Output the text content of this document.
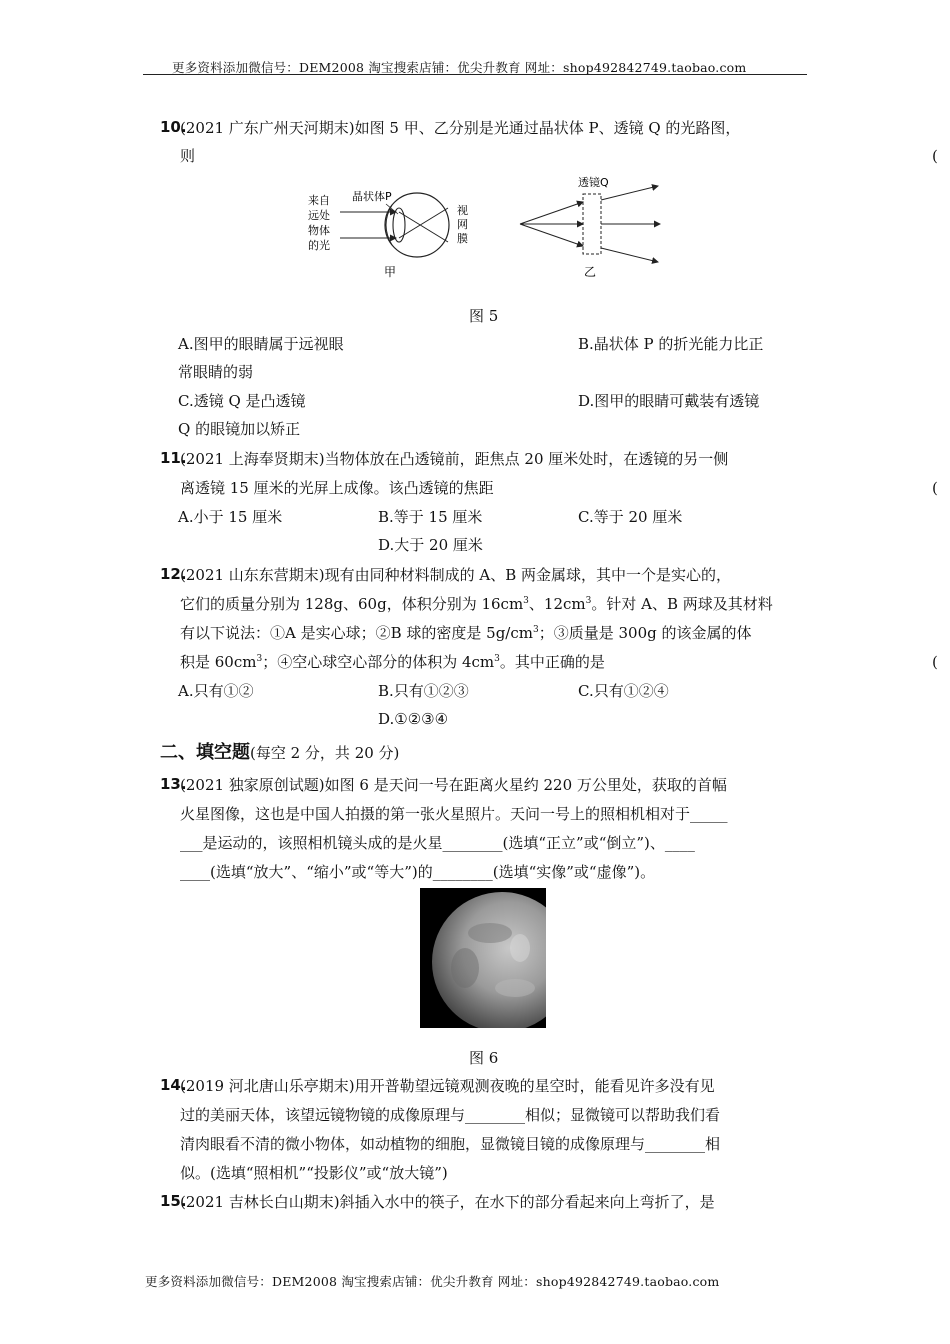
更多资料添加微信号：DEM2008 淘宝搜索店铺：优尖升教育 网址：shop492842749.taobao.com
10.
(2021 广东广州天河期末)如图 5 甲、乙分别是光通过晶状体 P、透镜 Q 的光路图，
则	(
来自
远处
物体
的光
晶状体P
视
网
膜
甲
透镜Q
乙
图 5
A.图甲的眼睛属于远视眼	B.晶状体 P 的折光能力比正
常眼睛的弱
C.透镜 Q 是凸透镜	D.图甲的眼睛可戴装有透镜
Q 的眼镜加以矫正
11.
(2021 上海奉贤期末)当物体放在凸透镜前，距焦点 20 厘米处时，在透镜的另一侧
离透镜 15 厘米的光屏上成像。该凸透镜的焦距	(
A.小于 15 厘米	B.等于 15 厘米	C.等于 20 厘米
D.大于 20 厘米
12.
(2021 山东东营期末)现有由同种材料制成的 A、B 两金属球，其中一个是实心的，
它们的质量分别为 128g、60g，体积分别为 $16cm^3$、$12cm^3$。针对 A、B 两球及其材料
有以下说法：①A 是实心球；②B 球的密度是 $5g/cm^3$；③质量是 300g 的该金属的体
积是 $60cm^3$；④空心球空心部分的体积为 $4cm^3$。其中正确的是	(
A.只有①②	B.只有①②③	C.只有①②④
D.①②③④
二、填空题(每空 2 分，共 20 分)
13.
(2021 独家原创试题)如图 6 是天问一号在距离火星约 220 万公里处，获取的首幅
火星图像，这也是中国人拍摄的第一张火星照片。天问一号上的照相机相对于_____
___是运动的，该照相机镜头成的是火星________(选填“正立”或“倒立”)、____
____(选填“放大”、“缩小”或“等大”)的________(选填“实像”或“虚像”)。
图 6
14.
(2019 河北唐山乐亭期末)用开普勒望远镜观测夜晚的星空时，能看见许多没有见
过的美丽天体，该望远镜物镜的成像原理与________相似；显微镜可以帮助我们看
清肉眼看不清的微小物体，如动植物的细胞，显微镜目镜的成像原理与________相
似。(选填“照相机”“投影仪”或“放大镜”)
15.
(2021 吉林长白山期末)斜插入水中的筷子，在水下的部分看起来向上弯折了，是
更多资料添加微信号：DEM2008 淘宝搜索店铺：优尖升教育 网址：shop492842749.taobao.com
